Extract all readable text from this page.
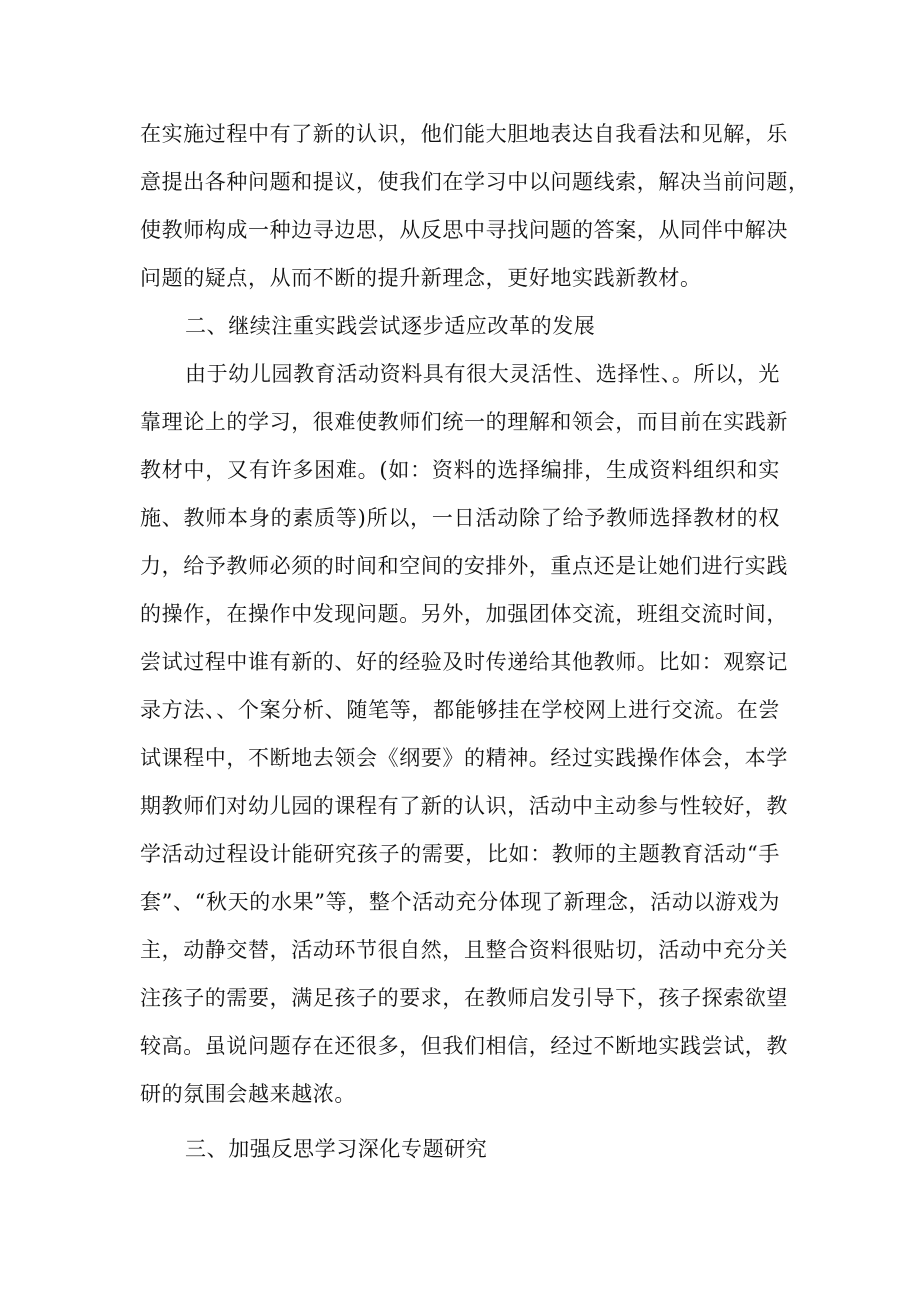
在实施过程中有了新的认识，他们能大胆地表达自我看法和见解，乐
意提出各种问题和提议，使我们在学习中以问题线索，解决当前问题，
使教师构成一种边寻边思，从反思中寻找问题的答案，从同伴中解决
问题的疑点，从而不断的提升新理念，更好地实践新教材。
二、继续注重实践尝试逐步适应改革的发展
由于幼儿园教育活动资料具有很大灵活性、选择性、。所以，光
靠理论上的学习，很难使教师们统一的理解和领会，而目前在实践新
教材中，又有许多困难。(如：资料的选择编排，生成资料组织和实
施、教师本身的素质等)所以，一日活动除了给予教师选择教材的权
力，给予教师必须的时间和空间的安排外，重点还是让她们进行实践
的操作，在操作中发现问题。另外，加强团体交流，班组交流时间，
尝试过程中谁有新的、好的经验及时传递给其他教师。比如：观察记
录方法、、个案分析、随笔等，都能够挂在学校网上进行交流。在尝
试课程中，不断地去领会《纲要》的精神。经过实践操作体会，本学
期教师们对幼儿园的课程有了新的认识，活动中主动参与性较好，教
学活动过程设计能研究孩子的需要，比如：教师的主题教育活动“手
套”、“秋天的水果”等，整个活动充分体现了新理念，活动以游戏为
主，动静交替，活动环节很自然，且整合资料很贴切，活动中充分关
注孩子的需要，满足孩子的要求，在教师启发引导下，孩子探索欲望
较高。虽说问题存在还很多，但我们相信，经过不断地实践尝试，教
研的氛围会越来越浓。
三、加强反思学习深化专题研究
